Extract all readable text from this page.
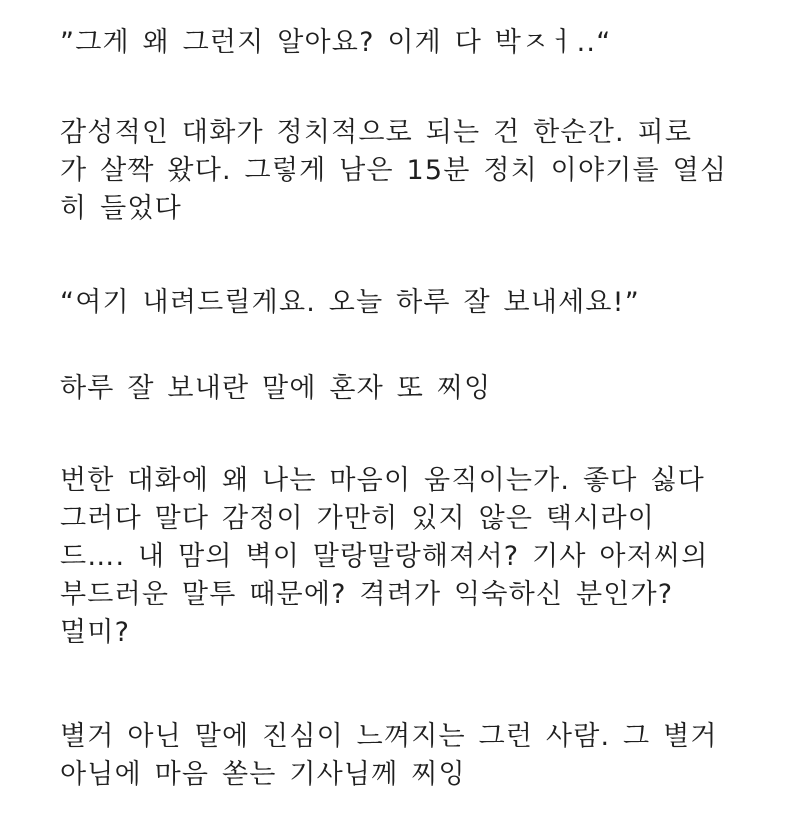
”그게 왜 그런지 알아요? 이게 다 박ㅈㅓ..“
감성적인 대화가 정치적으로 되는 건 한순간. 피로
가 살짝 왔다. 그렇게 남은 15분 정치 이야기를 열심
히 들었다
“여기 내려드릴게요. 오늘 하루 잘 보내세요!”
하루 잘 보내란 말에 혼자 또 찌잉
번한 대화에 왜 나는 마음이 움직이는가. 좋다 싫다
그러다 말다 감정이 가만히 있지 않은 택시라이
드…. 내 맘의 벽이 말랑말랑해져서? 기사 아저씨의
부드러운 말투 때문에? 격려가 익숙하신 분인가?
멀미?
별거 아닌 말에 진심이 느껴지는 그런 사람. 그 별거
아님에 마음 쏟는 기사님께 찌잉
